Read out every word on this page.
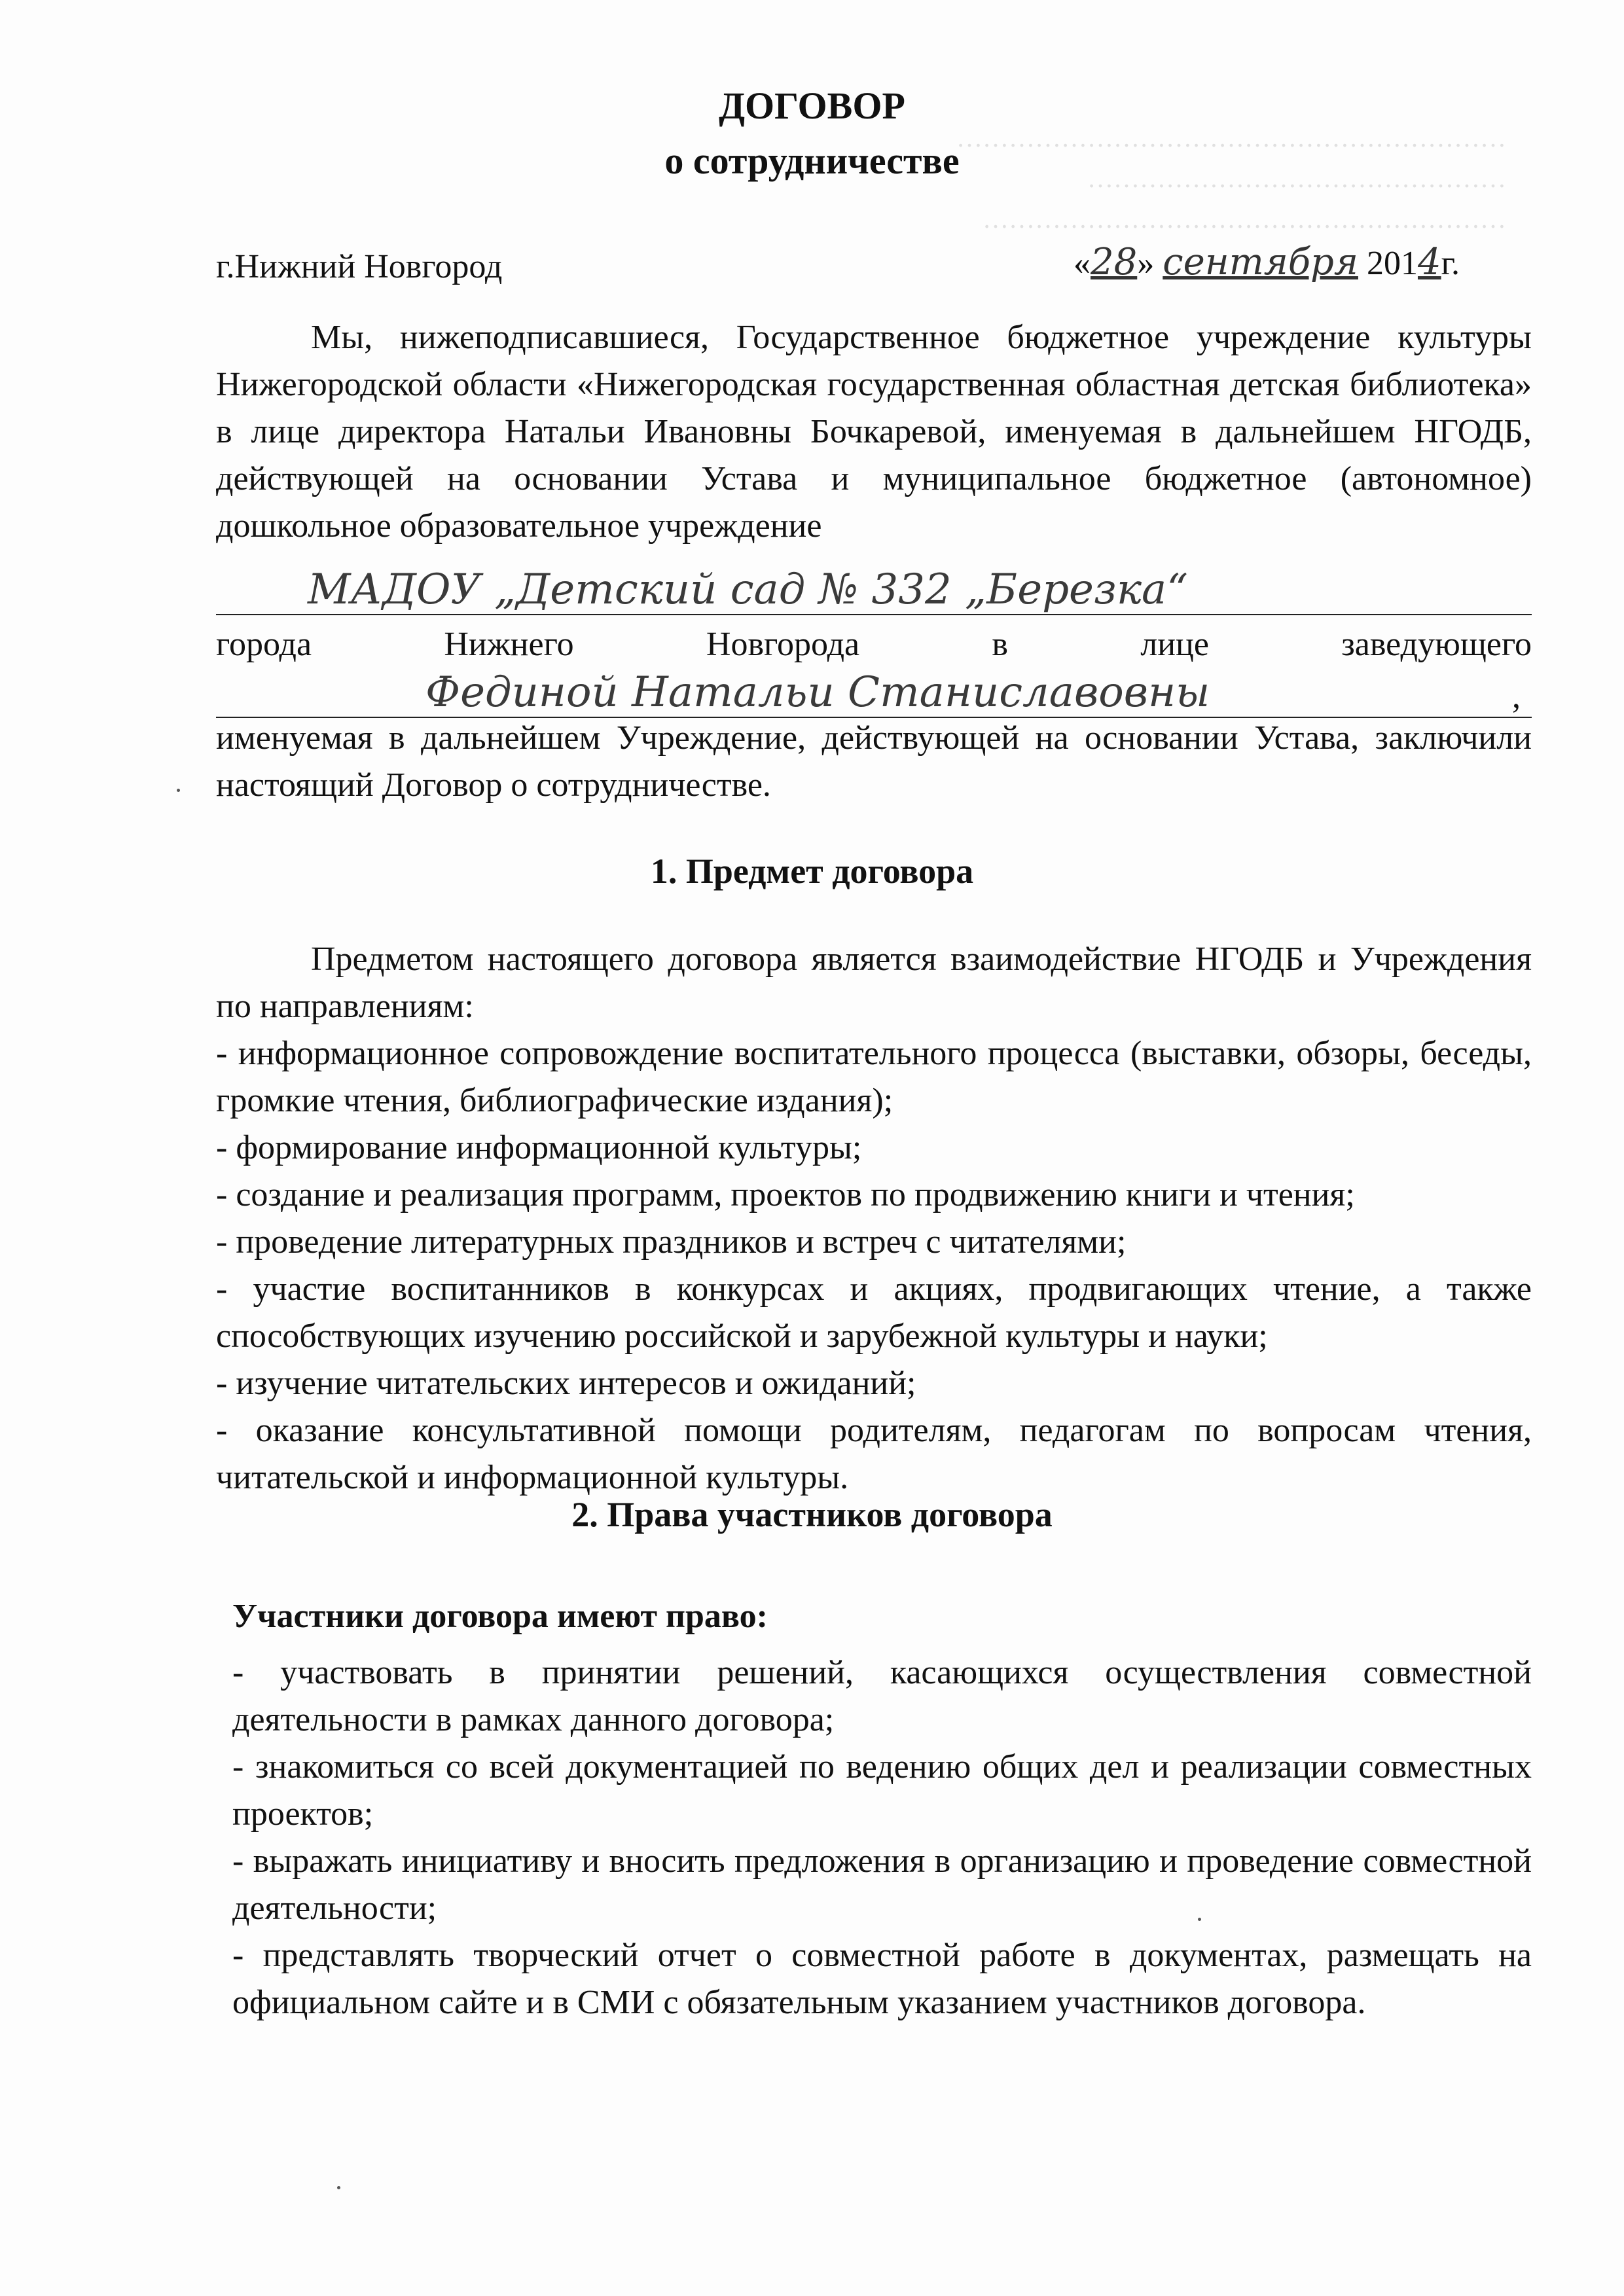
………………………………………………………
…………………………………………
……………………………………………………
ДОГОВОР
о сотрудничестве
г.Нижний Новгород	«28» сентября 2014г.
Мы, нижеподписавшиеся, Государственное бюджетное учреждение культуры Нижегородской области «Нижегородская государственная областная детская библиотека» в лице директора Натальи Ивановны Бочкаревой, именуемая в дальнейшем НГОДБ, действующей на основании Устава и муниципальное бюджетное (автономное) дошкольное образовательное учреждение
МАДОУ „Детский сад № 332 „Березка“
города	Нижнего	Новгорода	в	лице	заведующего
Фединой Натальи Станиславовны	,
именуемая в дальнейшем Учреждение, действующей на основании Устава, заключили настоящий Договор о сотрудничестве.
1. Предмет договора
Предметом настоящего договора является взаимодействие НГОДБ и Учреждения по направлениям:
- информационное сопровождение воспитательного процесса (выставки, обзоры, беседы, громкие чтения, библиографические издания);
- формирование информационной культуры;
- создание и реализация программ, проектов по продвижению книги и чтения;
- проведение литературных праздников и встреч с читателями;
- участие воспитанников в конкурсах и акциях, продвигающих чтение, а также способствующих изучению российской и зарубежной культуры и науки;
- изучение читательских интересов и ожиданий;
- оказание консультативной помощи родителям, педагогам по вопросам чтения, читательской и информационной культуры.
2. Права участников договора
Участники договора имеют право:
- участвовать в принятии решений, касающихся осуществления совместной деятельности в рамках данного договора;
- знакомиться со всей документацией по ведению общих дел и реализации совместных проектов;
- выражать инициативу и вносить предложения в организацию и проведение совместной деятельности;
- представлять творческий отчет о совместной работе в документах, размещать на официальном сайте и в СМИ с обязательным указанием участников договора.
